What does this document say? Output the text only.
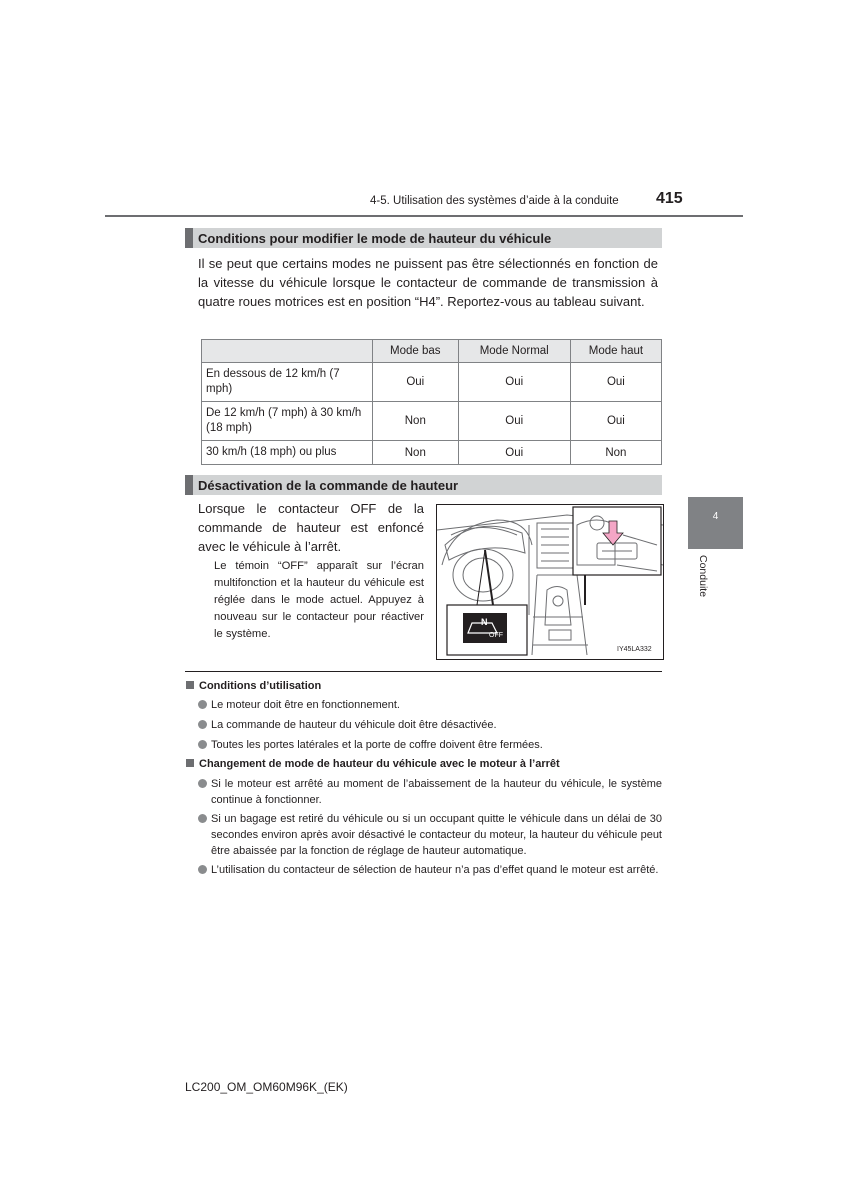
4-5. Utilisation des systèmes d’aide à la conduite 415
Conditions pour modifier le mode de hauteur du véhicule
Il se peut que certains modes ne puissent pas être sélectionnés en fonction de la vitesse du véhicule lorsque le contacteur de commande de transmission à quatre roues motrices est en position “H4”. Reportez-vous au tableau suivant.
	Mode bas	Mode Normal	Mode haut
En dessous de 12 km/h (7 mph)	Oui	Oui	Oui
De 12 km/h (7 mph) à 30 km/h (18 mph)	Non	Oui	Oui
30 km/h (18 mph) ou plus	Non	Oui	Non
Désactivation de la commande de hauteur
Lorsque le contacteur OFF de la commande de hauteur est enfoncé avec le véhicule à l’arrêt.
Le témoin “OFF” apparaît sur l’écran multifonction et la hauteur du véhicule est réglée dans le mode actuel. Appuyez à nouveau sur le contacteur pour réactiver le système.
N
OFF
IY45LA332
Conditions d’utilisation
Le moteur doit être en fonctionnement.
La commande de hauteur du véhicule doit être désactivée.
Toutes les portes latérales et la porte de coffre doivent être fermées.
Changement de mode de hauteur du véhicule avec le moteur à l’arrêt
Si le moteur est arrêté au moment de l’abaissement de la hauteur du véhicule, le système continue à fonctionner.
Si un bagage est retiré du véhicule ou si un occupant quitte le véhicule dans un délai de 30 secondes environ après avoir désactivé le contacteur du moteur, la hauteur du véhicule peut être abaissée par la fonction de réglage de hauteur automatique.
L’utilisation du contacteur de sélection de hauteur n’a pas d’effet quand le moteur est arrêté.
4
Conduite
LC200_OM_OM60M96K_(EK)
